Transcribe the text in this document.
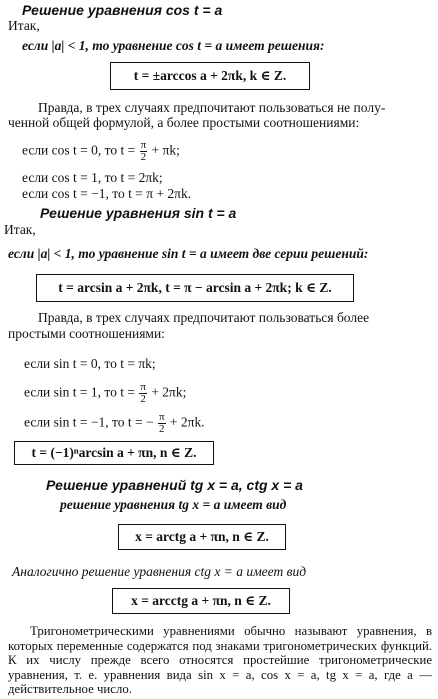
Решение уравнения cos t = a
Итак,
если |a| < 1, то уравнение cos t = a имеет решения:
t = ±arccos a + 2πk, k ∈ Z.
Правда, в трех случаях предпочитают пользоваться не полу-
ченной общей формулой, а более простыми соотношениями:
если cos t = 0, то $t = \frac{\pi}{2} + \pi k$;
если cos t = 1, то t = 2πk;
если cos t = −1, то t = π + 2πk.
Решение уравнения sin t = a
Итак,
если |a| < 1, то уравнение sin t = a имеет две серии решений:
t = arcsin a + 2πk, t = π − arcsin a + 2πk; k ∈ Z.
Правда, в трех случаях предпочитают пользоваться более
простыми соотношениями:
если sin t = 0, то t = πk;
если sin t = 1, то $t = \frac{\pi}{2} + 2\pi k$;
если sin t = −1, то t = − $\frac{\pi}{2} + 2\pi k$.
t = (−1)ⁿarcsin a + πn, n ∈ Z.
Решение уравнений tg x = a, ctg x = a
решение уравнения tg x = a имеет вид
x = arctg a + πn, n ∈ Z.
Аналогично решение уравнения ctg x = a имеет вид
x = arcctg a + πn, n ∈ Z.
Тригонометрическими уравнениями обычно называют уравнения, в которых переменные содержатся под знаками тригонометрических функций. К их числу прежде всего относятся простейшие тригонометрические уравнения, т. е. уравнения вида sin x = a, cos x = a, tg x = a, где a — действительное число.
